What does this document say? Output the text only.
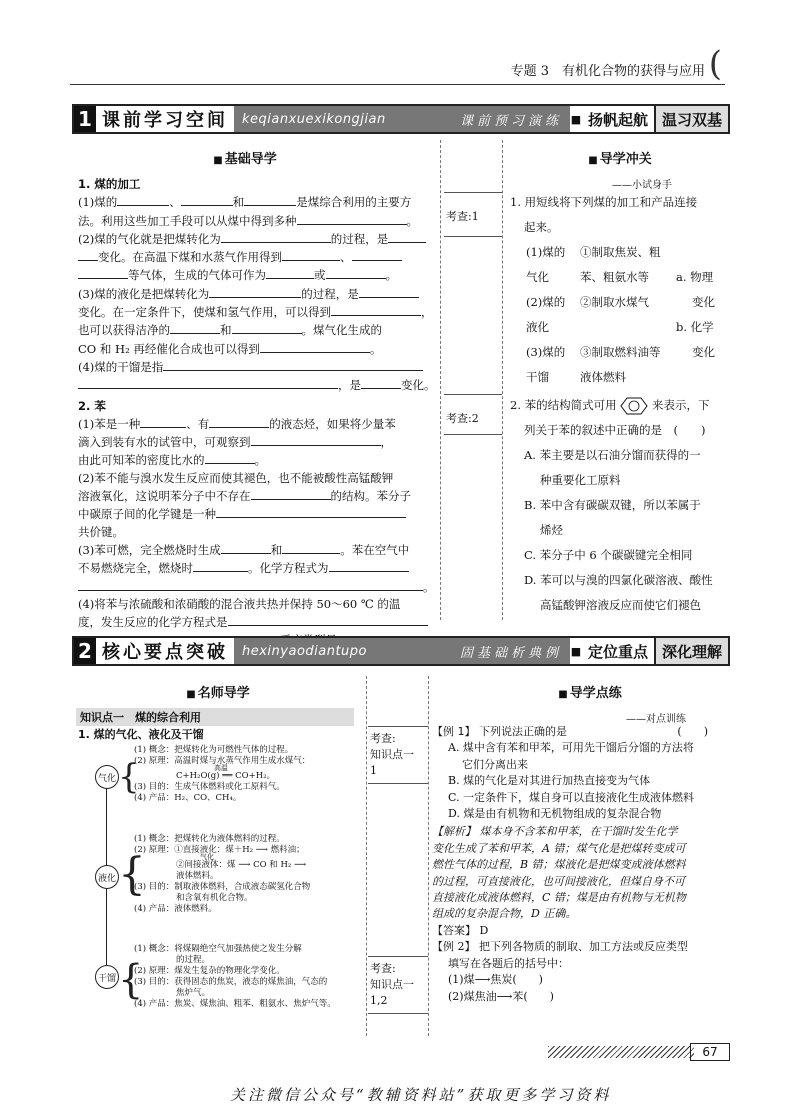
专题 3　有机化合物的获得与应用 (
1 课前学习空间	keqianxuexikongjian	课前预习演练 ■ 扬帆起航 温习双基
■ 基础导学

1. 煤的加工

(1)煤的	、	和	是煤综合利用的主要方

法。利用这些加工手段可以从煤中得到多种	。

(2)煤的气化就是把煤转化为	的过程，是

变化。在高温下煤和水蒸气作用得到	、

等气体，生成的气体可作为	或	。

(3)煤的液化是把煤转化为	的过程，是

变化。在一定条件下，使煤和氢气作用，可以得到	，

也可以获得洁净的	和	。煤气化生成的

CO 和 H₂ 再经催化合成也可以得到	。

(4)煤的干馏是指

，是	变化。

2. 苯

(1)苯是一种	、有	的液态烃，如果将少量苯

滴入到装有水的试管中，可观察到	，

由此可知苯的密度比水的	。

(2)苯不能与溴水发生反应而使其褪色，也不能被酸性高锰酸钾

溶液氧化，这说明苯分子中不存在	的结构。苯分子

中碳原子间的化学键是一种

共价键。

(3)苯可燃，完全燃烧时生成	和	。苯在空气中

不易燃烧完全，燃烧时	。化学方程式为

。

(4)将苯与浓硫酸和浓硝酸的混合液共热并保持 50～60 ℃ 的温

度，发生反应的化学方程式是

考查:1
考查:2
■ 导学冲关
——小试身手
1. 用短线将下列煤的加工和产品连接
起来。
(1)煤的 ①制取焦炭、粗
气化	苯、粗氨水等 a. 物理
(2)煤的 ②制取水煤气	变化
液化	b. 化学
(3)煤的 ③制取燃料油等	变化
干馏	液体燃料
2. 苯的结构简式可用	来表示，下
列关于苯的叙述中正确的是　(　　)
A. 苯主要是以石油分馏而获得的一
种重要化工原料
B. 苯中含有碳碳双键，所以苯属于
烯烃
C. 苯分子中 6 个碳碳键完全相同
D. 苯可以与溴的四氯化碳溶液、酸性
高锰酸钾溶液反应而使它们褪色
2 核心要点突破	hexinyaodiantupo	固基础析典例 ■ 定位重点 深化理解
■ 名师导学
知识点一　煤的综合利用
1. 煤的气化、液化及干馏
气化
液化
干馏
{
(1) 概念：把煤转化为可燃性气体的过程。
(2) 原理：高温时煤与水蒸气作用生成水煤气：
高温
C+H₂O(g) ══ CO+H₂。
(3) 目的：生成气体燃料或化工原料气。
(4) 产品：H₂、CO、CH₄。
{
(1) 概念：把煤转化为液体燃料的过程。
(2) 原理：①直接液化：煤＋H₂ ⟶ 燃料油；
气化
②间接液体：煤 ⟶ CO 和 H₂ ⟶
液体燃料。
(3) 目的：制取液体燃料，合成液态碳氢化合物
和含氧有机化合物。
(4) 产品：液体燃料。
{
(1) 概念：将煤隔绝空气加强热使之发生分解
的过程。
(2) 原理：煤发生复杂的物理化学变化。
(3) 目的：获得固态的焦炭，液态的煤焦油，气态的
焦炉气。
(4) 产品：焦炭、煤焦油、粗苯、粗氨水、焦炉气等。
考查:
知识点一
1
考查:
知识点一
1,2
■ 导学点练
——对点训练
【例 1】 下列说法正确的是	(　　)
A. 煤中含有苯和甲苯，可用先干馏后分馏的方法将
它们分离出来
B. 煤的气化是对其进行加热直接变为气体
C. 一定条件下，煤自身可以直接液化生成液体燃料
D. 煤是由有机物和无机物组成的复杂混合物
【解析】 煤本身不含苯和甲苯，在干馏时发生化学
变化生成了苯和甲苯，A 错；煤气化是把煤转变成可
燃性气体的过程，B 错；煤液化是把煤变成液体燃料
的过程，可直接液化，也可间接液化，但煤自身不可
直接液化成液体燃料，C 错；煤是由有机物与无机物
组成的复杂混合物，D 正确。
【答案】 D
【例 2】 把下列各物质的制取、加工方法或反应类型
填写在各题后的括号中：
(1)煤⟶焦炭(　　)
(2)煤焦油⟶苯(　　)
67
关注微信公众号“教辅资料站”获取更多学习资料
